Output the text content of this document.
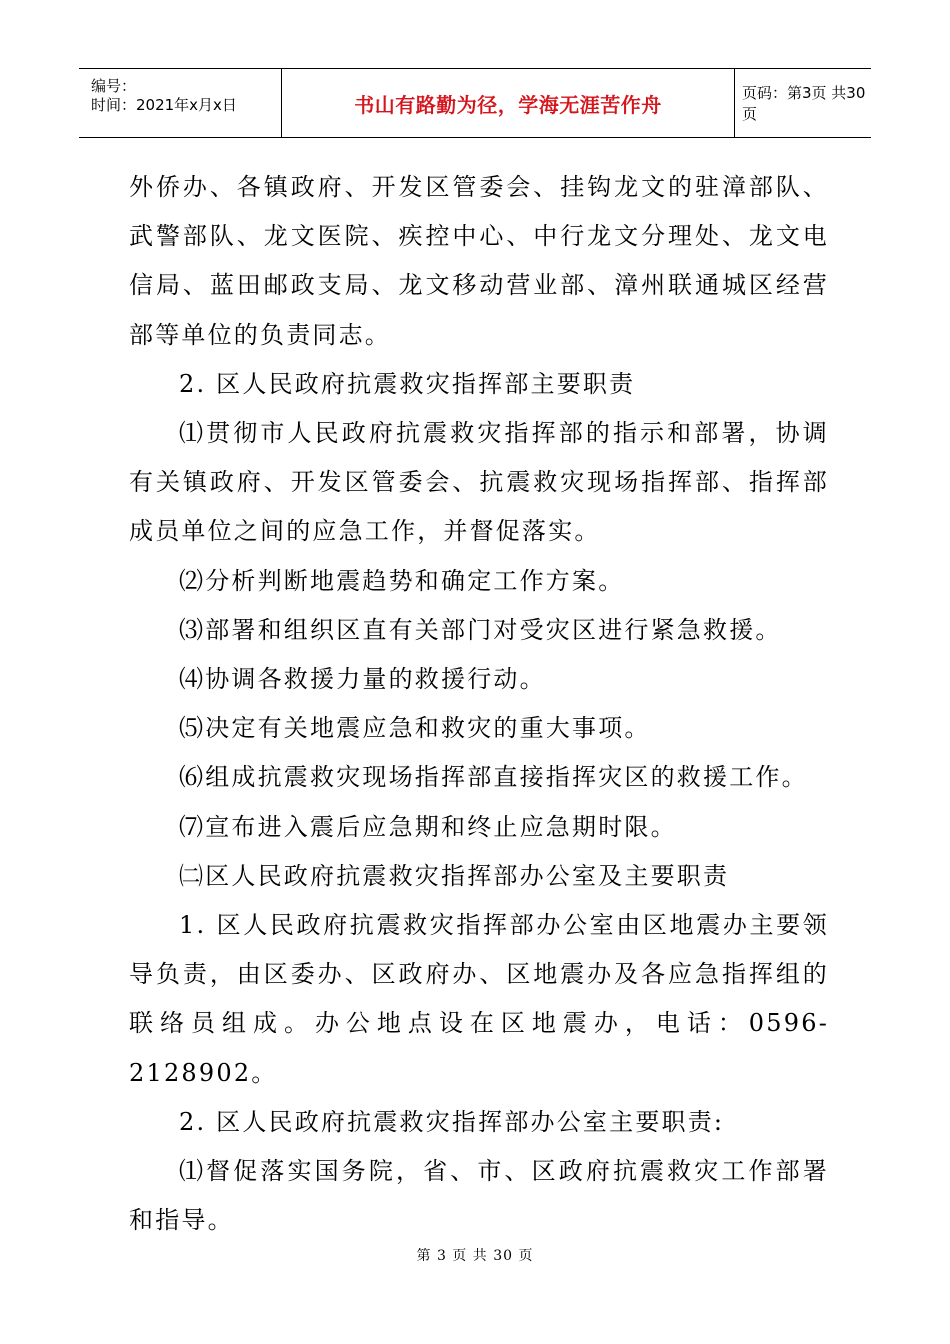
编号：
时间：2021年x月x日	书山有路勤为径，学海无涯苦作舟	页码：第3页 共30页

外侨办、各镇政府、开发区管委会、挂钩龙文的驻漳部队、武警部队、龙文医院、疾控中心、中行龙文分理处、龙文电信局、蓝田邮政支局、龙文移动营业部、漳州联通城区经营部等单位的负责同志。

2. 区人民政府抗震救灾指挥部主要职责

⑴贯彻市人民政府抗震救灾指挥部的指示和部署，协调有关镇政府、开发区管委会、抗震救灾现场指挥部、指挥部成员单位之间的应急工作，并督促落实。

⑵分析判断地震趋势和确定工作方案。

⑶部署和组织区直有关部门对受灾区进行紧急救援。

⑷协调各救援力量的救援行动。

⑸决定有关地震应急和救灾的重大事项。

⑹组成抗震救灾现场指挥部直接指挥灾区的救援工作。

⑺宣布进入震后应急期和终止应急期时限。

㈡区人民政府抗震救灾指挥部办公室及主要职责

1. 区人民政府抗震救灾指挥部办公室由区地震办主要领导负责，由区委办、区政府办、区地震办及各应急指挥组的联络员组成。办公地点设在区地震办，电话：0596-2128902。

2. 区人民政府抗震救灾指挥部办公室主要职责:

⑴督促落实国务院，省、市、区政府抗震救灾工作部署和指导。

第 3 页 共 30 页
